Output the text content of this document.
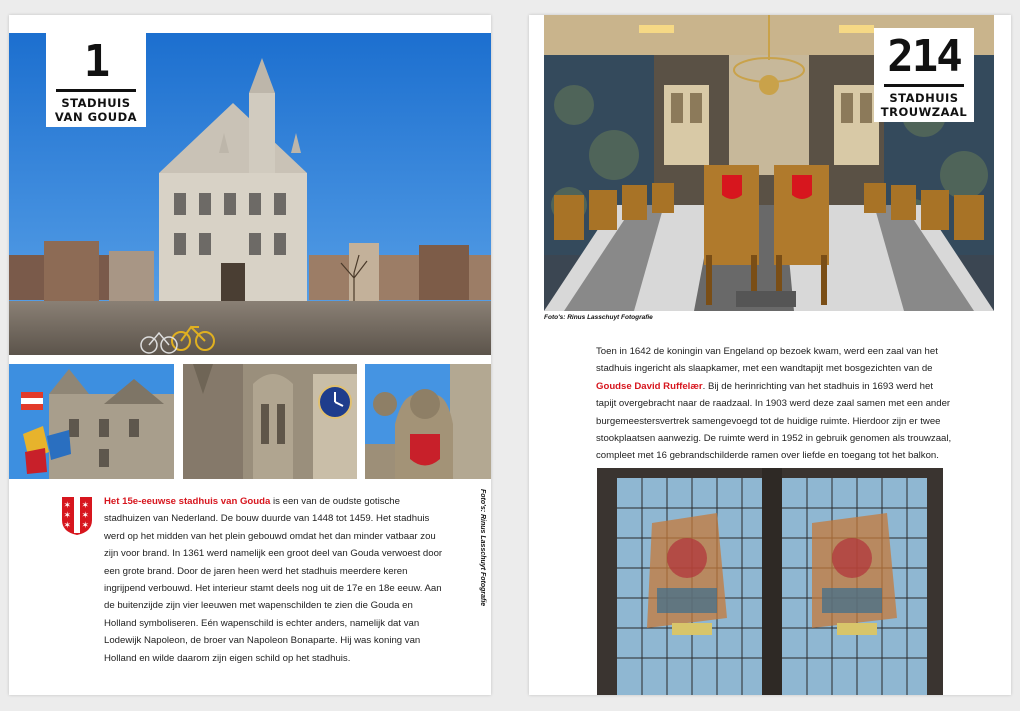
1
STADHUIS
VAN GOUDA
✶ ✶
✶ ✶
✶ ✶
Het 15e-eeuwse stadhuis van Gouda is een van de oudste gotische stadhuizen van Nederland. De bouw duurde van 1448 tot 1459. Het stadhuis werd op het midden van het plein gebouwd omdat het dan minder vatbaar zou zijn voor brand. In 1361 werd namelijk een groot deel van Gouda verwoest door een grote brand. Door de jaren heen werd het stadhuis meerdere keren ingrijpend verbouwd. Het interieur stamt deels nog uit de 17e en 18e eeuw. Aan de buitenzijde zijn vier leeuwen met wapenschilden te zien die Gouda en Holland symboliseren. Eén wapenschild is echter anders, namelijk dat van Lodewijk Napoleon, de broer van Napoleon Bonaparte. Hij was koning van Holland en wilde daarom zijn eigen schild op het stadhuis.
Foto's: Rinus Lasschuyt Fotografie
214
STADHUIS
TROUWZAAL
Foto's: Rinus Lasschuyt Fotografie
Toen in 1642 de koningin van Engeland op bezoek kwam, werd een zaal van het stadhuis ingericht als slaapkamer, met een wandtapijt met bosgezichten van de Goudse David Ruffelær. Bij de herinrichting van het stadhuis in 1693 werd het tapijt overgebracht naar de raadzaal. In 1903 werd deze zaal samen met een ander burgemeestersvertrek samengevoegd tot de huidige ruimte. Hierdoor zijn er twee stookplaatsen aanwezig. De ruimte werd in 1952 in gebruik genomen als trouwzaal, compleet met 16 gebrandschilderde ramen over liefde en toegang tot het balkon.
